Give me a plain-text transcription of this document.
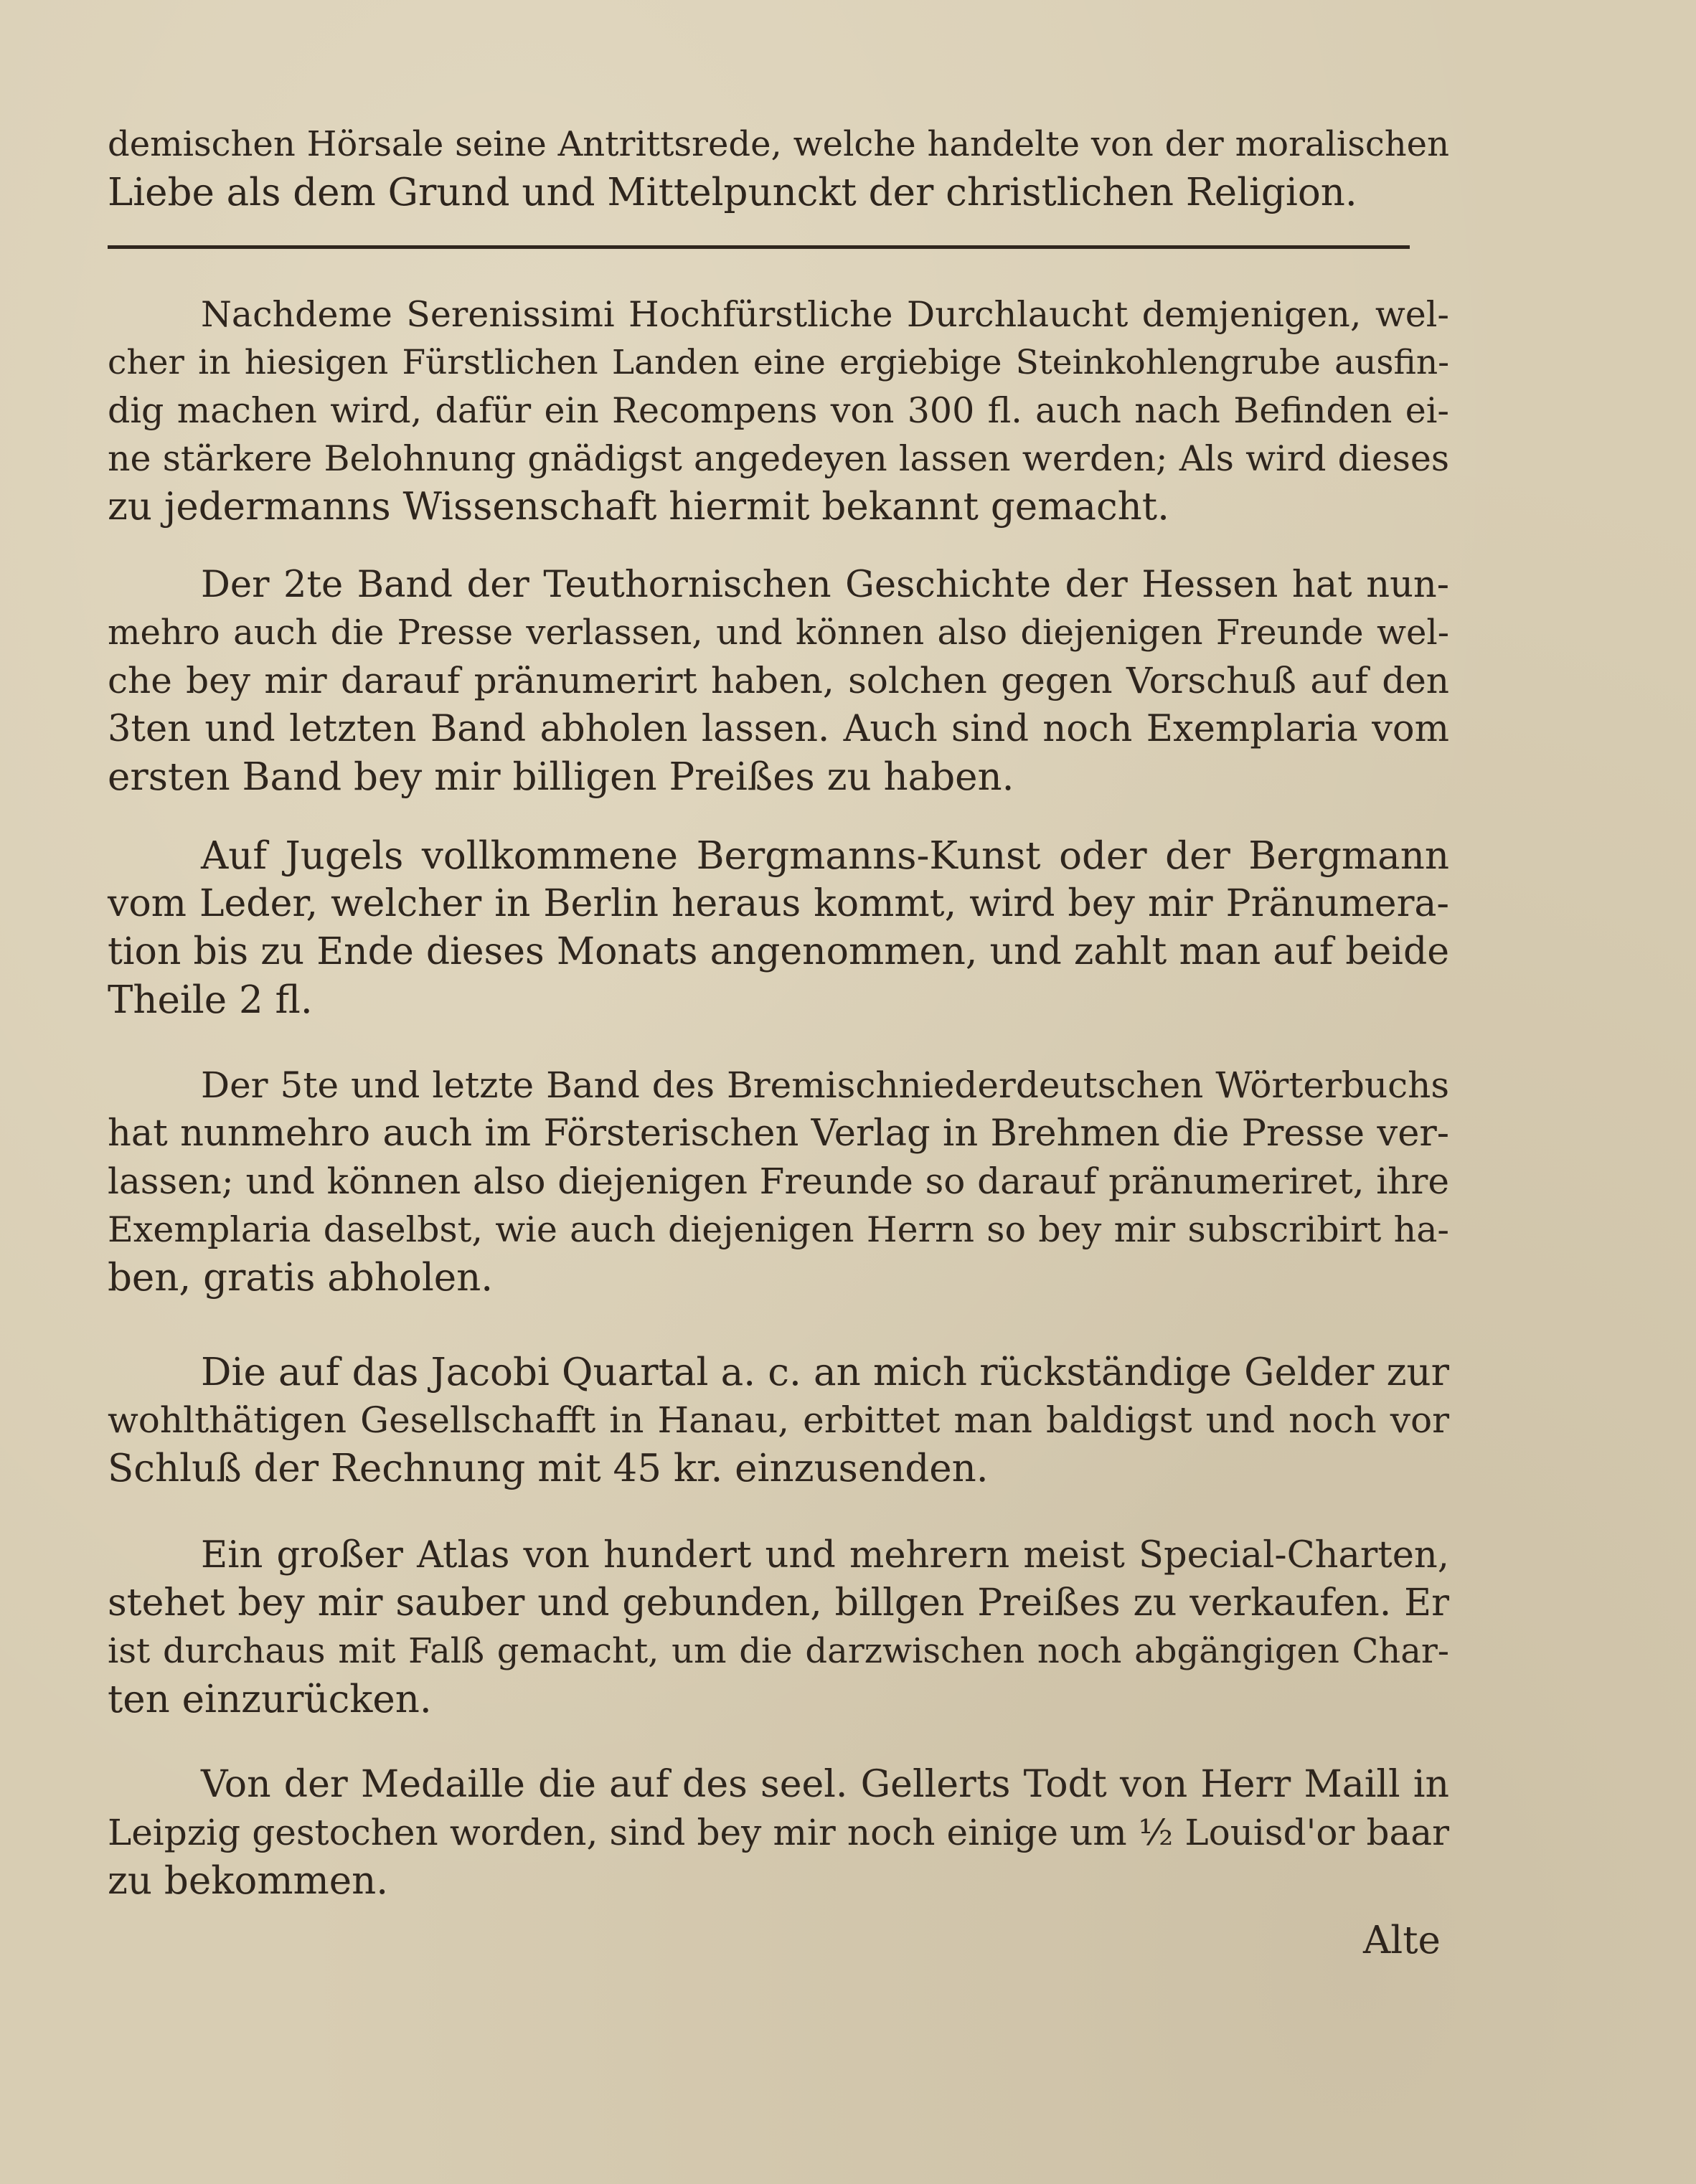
demischen Hörsale seine Antrittsrede, welche handelte von der moralischen
Liebe als dem Grund und Mittelpunckt der christlichen Religion.
Nachdeme Serenissimi Hochfürstliche Durchlaucht demjenigen, wel-
cher in hiesigen Fürstlichen Landen eine ergiebige Steinkohlengrube ausfin-
dig machen wird, dafür ein Recompens von 300 fl. auch nach Befinden ei-
ne stärkere Belohnung gnädigst angedeyen lassen werden; Als wird dieses
zu jedermanns Wissenschaft hiermit bekannt gemacht.
Der 2te Band der Teuthornischen Geschichte der Hessen hat nun-
mehro auch die Presse verlassen, und können also diejenigen Freunde wel-
che bey mir darauf pränumerirt haben, solchen gegen Vorschuß auf den
3ten und letzten Band abholen lassen. Auch sind noch Exemplaria vom
ersten Band bey mir billigen Preißes zu haben.
Auf Jugels vollkommene Bergmanns-Kunst oder der Bergmann
vom Leder, welcher in Berlin heraus kommt, wird bey mir Pränumera-
tion bis zu Ende dieses Monats angenommen, und zahlt man auf beide
Theile 2 fl.
Der 5te und letzte Band des Bremischniederdeutschen Wörterbuchs
hat nunmehro auch im Försterischen Verlag in Brehmen die Presse ver-
lassen; und können also diejenigen Freunde so darauf pränumeriret, ihre
Exemplaria daselbst, wie auch diejenigen Herrn so bey mir subscribirt ha-
ben, gratis abholen.
Die auf das Jacobi Quartal a. c. an mich rückständige Gelder zur
wohlthätigen Gesellschafft in Hanau, erbittet man baldigst und noch vor
Schluß der Rechnung mit 45 kr. einzusenden.
Ein großer Atlas von hundert und mehrern meist Special-Charten,
stehet bey mir sauber und gebunden, billgen Preißes zu verkaufen. Er
ist durchaus mit Falß gemacht, um die darzwischen noch abgängigen Char-
ten einzurücken.
Von der Medaille die auf des seel. Gellerts Todt von Herr Maill in
Leipzig gestochen worden, sind bey mir noch einige um ½ Louisd'or baar
zu bekommen.
Alte
